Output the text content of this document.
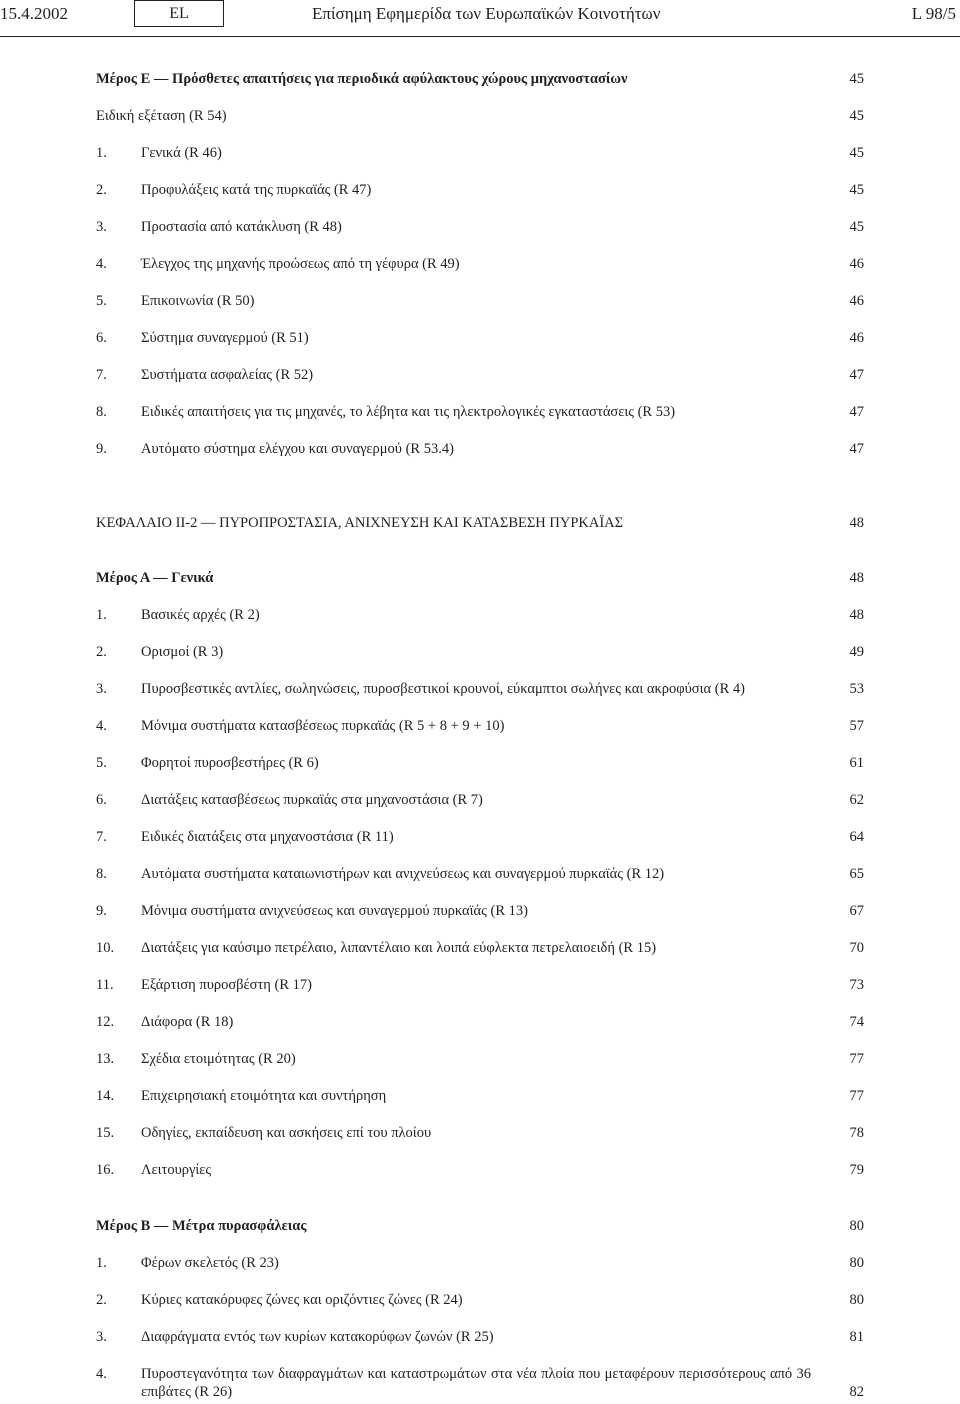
15.4.2002	EL	Επίσημη Εφημερίδα των Ευρωπαϊκών Κοινοτήτων	L 98/5
Μέρος Ε — Πρόσθετες απαιτήσεις για περιοδικά αφύλακτους χώρους μηχανοστασίων	45
Ειδική εξέταση (R 54)	45
1. Γενικά (R 46)	45
2. Προφυλάξεις κατά της πυρκαϊάς (R 47)	45
3. Προστασία από κατάκλυση (R 48)	45
4. Έλεγχος της μηχανής προώσεως από τη γέφυρα (R 49)	46
5. Επικοινωνία (R 50)	46
6. Σύστημα συναγερμού (R 51)	46
7. Συστήματα ασφαλείας (R 52)	47
8. Ειδικές απαιτήσεις για τις μηχανές, το λέβητα και τις ηλεκτρολογικές εγκαταστάσεις (R 53)	47
9. Αυτόματο σύστημα ελέγχου και συναγερμού (R 53.4)	47
ΚΕΦΑΛΑΙΟ II-2 — ΠΥΡΟΠΡΟΣΤΑΣΙΑ, ΑΝΙΧΝΕΥΣΗ ΚΑΙ ΚΑΤΑΣΒΕΣΗ ΠΥΡΚΑΪΑΣ	48
Μέρος Α — Γενικά	48
1. Βασικές αρχές (R 2)	48
2. Ορισμοί (R 3)	49
3. Πυροσβεστικές αντλίες, σωληνώσεις, πυροσβεστικοί κρουνοί, εύκαμπτοι σωλήνες και ακροφύσια (R 4)	53
4. Μόνιμα συστήματα κατασβέσεως πυρκαϊάς (R 5 + 8 + 9 + 10)	57
5. Φορητοί πυροσβεστήρες (R 6)	61
6. Διατάξεις κατασβέσεως πυρκαϊάς στα μηχανοστάσια (R 7)	62
7. Ειδικές διατάξεις στα μηχανοστάσια (R 11)	64
8. Αυτόματα συστήματα καταιωνιστήρων και ανιχνεύσεως και συναγερμού πυρκαϊάς (R 12)	65
9. Μόνιμα συστήματα ανιχνεύσεως και συναγερμού πυρκαϊάς (R 13)	67
10. Διατάξεις για καύσιμο πετρέλαιο, λιπαντέλαιο και λοιπά εύφλεκτα πετρελαιοειδή (R 15)	70
11. Εξάρτιση πυροσβέστη (R 17)	73
12. Διάφορα (R 18)	74
13. Σχέδια ετοιμότητας (R 20)	77
14. Επιχειρησιακή ετοιμότητα και συντήρηση	77
15. Οδηγίες, εκπαίδευση και ασκήσεις επί του πλοίου	78
16. Λειτουργίες	79
Μέρος Β — Μέτρα πυρασφάλειας	80
1. Φέρων σκελετός (R 23)	80
2. Κύριες κατακόρυφες ζώνες και οριζόντιες ζώνες (R 24)	80
3. Διαφράγματα εντός των κυρίων κατακορύφων ζωνών (R 25)	81
4. Πυροστεγανότητα των διαφραγμάτων και καταστρωμάτων στα νέα πλοία που μεταφέρουν περισσότερους από 36 επιβάτες (R 26)	82
